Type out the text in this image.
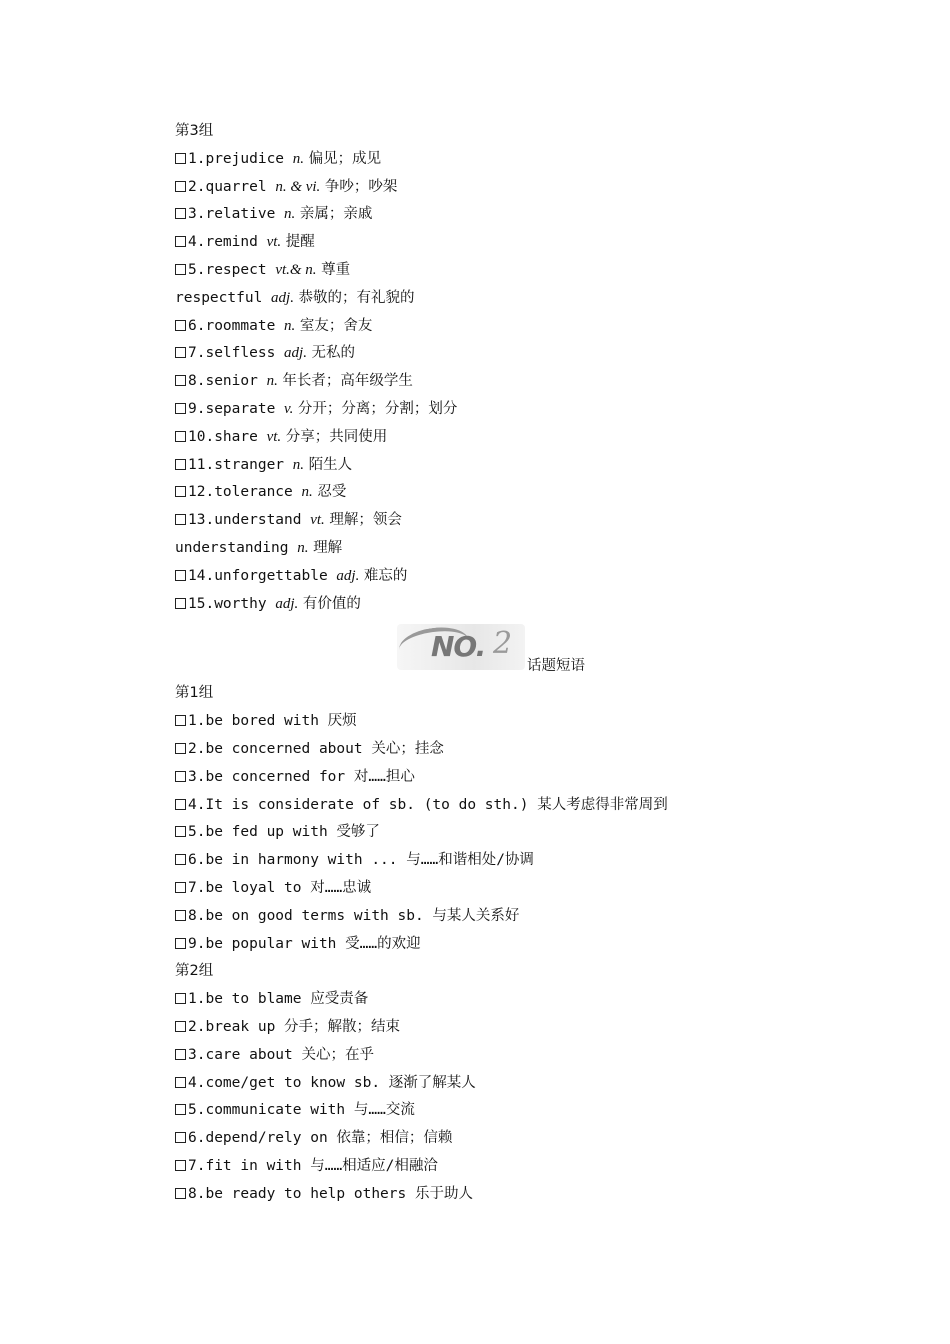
第3组
1.prejudice n. 偏见；成见
2.quarrel n. & vi. 争吵；吵架
3.relative n. 亲属；亲戚
4.remind vt. 提醒
5.respect vt.& n. 尊重
respectful adj. 恭敬的；有礼貌的
6.roommate n. 室友；舍友
7.selfless adj. 无私的
8.senior n. 年长者；高年级学生
9.separate v. 分开；分离；分割；划分
10.share vt. 分享；共同使用
11.stranger n. 陌生人
12.tolerance n. 忍受
13.understand vt. 理解；领会
understanding n. 理解
14.unforgettable adj. 难忘的
15.worthy adj. 有价值的
NO. 2
话题短语
第1组
1.be bored with 厌烦
2.be concerned about 关心；挂念
3.be concerned for 对……担心
4.It is considerate of sb. (to do sth.) 某人考虑得非常周到
5.be fed up with 受够了
6.be in harmony with ... 与……和谐相处/协调
7.be loyal to 对……忠诚
8.be on good terms with sb. 与某人关系好
9.be popular with 受……的欢迎
第2组
1.be to blame 应受责备
2.break up 分手；解散；结束
3.care about 关心；在乎
4.come/get to know sb. 逐渐了解某人
5.communicate with 与……交流
6.depend/rely on 依靠；相信；信赖
7.fit in with 与……相适应/相融洽
8.be ready to help others 乐于助人
